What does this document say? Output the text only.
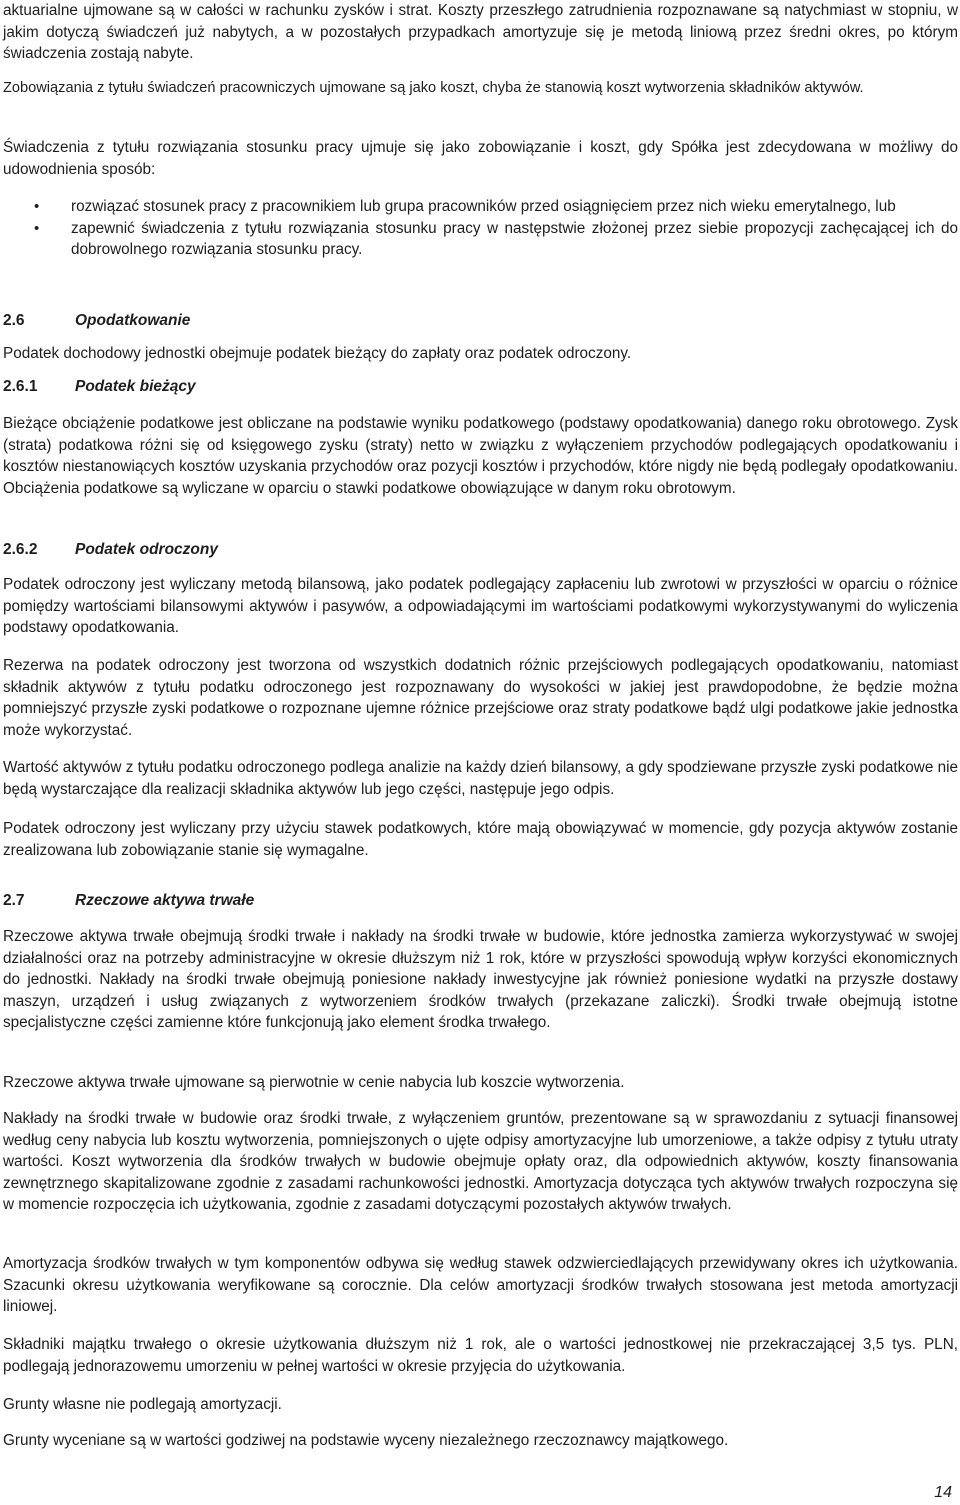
aktuarialne ujmowane są w całości w rachunku zysków i strat. Koszty przeszłego zatrudnienia rozpoznawane są natychmiast w stopniu, w jakim dotyczą świadczeń już nabytych, a w pozostałych przypadkach amortyzuje się je metodą liniową przez średni okres, po którym świadczenia zostają nabyte.

Zobowiązania z tytułu świadczeń pracowniczych ujmowane są jako koszt, chyba że stanowią koszt wytworzenia składników aktywów.

Świadczenia z tytułu rozwiązania stosunku pracy ujmuje się jako zobowiązanie i koszt, gdy Spółka jest zdecydowana w możliwy do udowodnienia sposób:

• rozwiązać stosunek pracy z pracownikiem lub grupa pracowników przed osiągnięciem przez nich wieku emerytalnego, lub
• zapewnić świadczenia z tytułu rozwiązania stosunku pracy w następstwie złożonej przez siebie propozycji zachęcającej ich do dobrowolnego rozwiązania stosunku pracy.
2.6	Opodatkowanie

Podatek dochodowy jednostki obejmuje podatek bieżący do zapłaty oraz podatek odroczony.

2.6.1 Podatek bieżący

Bieżące obciążenie podatkowe jest obliczane na podstawie wyniku podatkowego (podstawy opodatkowania) danego roku obrotowego. Zysk (strata) podatkowa różni się od księgowego zysku (straty) netto w związku z wyłączeniem przychodów podlegających opodatkowaniu i kosztów niestanowiących kosztów uzyskania przychodów oraz pozycji kosztów i przychodów, które nigdy nie będą podlegały opodatkowaniu. Obciążenia podatkowe są wyliczane w oparciu o stawki podatkowe obowiązujące w danym roku obrotowym.

2.6.2 Podatek odroczony

Podatek odroczony jest wyliczany metodą bilansową, jako podatek podlegający zapłaceniu lub zwrotowi w przyszłości w oparciu o różnice pomiędzy wartościami bilansowymi aktywów i pasywów, a odpowiadającymi im wartościami podatkowymi wykorzystywanymi do wyliczenia podstawy opodatkowania.

Rezerwa na podatek odroczony jest tworzona od wszystkich dodatnich różnic przejściowych podlegających opodatkowaniu, natomiast składnik aktywów z tytułu podatku odroczonego jest rozpoznawany do wysokości w jakiej jest prawdopodobne, że będzie można pomniejszyć przyszłe zyski podatkowe o rozpoznane ujemne różnice przejściowe oraz straty podatkowe bądź ulgi podatkowe jakie jednostka może wykorzystać.

Wartość aktywów z tytułu podatku odroczonego podlega analizie na każdy dzień bilansowy, a gdy spodziewane przyszłe zyski podatkowe nie będą wystarczające dla realizacji składnika aktywów lub jego części, następuje jego odpis.

Podatek odroczony jest wyliczany przy użyciu stawek podatkowych, które mają obowiązywać w momencie, gdy pozycja aktywów zostanie zrealizowana lub zobowiązanie stanie się wymagalne.

2.7	Rzeczowe aktywa trwałe

Rzeczowe aktywa trwałe obejmują środki trwałe i nakłady na środki trwałe w budowie, które jednostka zamierza wykorzystywać w swojej działalności oraz na potrzeby administracyjne w okresie dłuższym niż 1 rok, które w przyszłości spowodują wpływ korzyści ekonomicznych do jednostki. Nakłady na środki trwałe obejmują poniesione nakłady inwestycyjne jak również poniesione wydatki na przyszłe dostawy maszyn, urządzeń i usług związanych z wytworzeniem środków trwałych (przekazane zaliczki). Środki trwałe obejmują istotne specjalistyczne części zamienne które funkcjonują jako element środka trwałego.

Rzeczowe aktywa trwałe ujmowane są pierwotnie w cenie nabycia lub koszcie wytworzenia.

Nakłady na środki trwałe w budowie oraz środki trwałe, z wyłączeniem gruntów, prezentowane są w sprawozdaniu z sytuacji finansowej według ceny nabycia lub kosztu wytworzenia, pomniejszonych o ujęte odpisy amortyzacyjne lub umorzeniowe, a także odpisy z tytułu utraty wartości. Koszt wytworzenia dla środków trwałych w budowie obejmuje opłaty oraz, dla odpowiednich aktywów, koszty finansowania zewnętrznego skapitalizowane zgodnie z zasadami rachunkowości jednostki. Amortyzacja dotycząca tych aktywów trwałych rozpoczyna się w momencie rozpoczęcia ich użytkowania, zgodnie z zasadami dotyczącymi pozostałych aktywów trwałych.

Amortyzacja środków trwałych w tym komponentów odbywa się według stawek odzwierciedlających przewidywany okres ich użytkowania. Szacunki okresu użytkowania weryfikowane są corocznie. Dla celów amortyzacji środków trwałych stosowana jest metoda amortyzacji liniowej.

Składniki majątku trwałego o okresie użytkowania dłuższym niż 1 rok, ale o wartości jednostkowej nie przekraczającej 3,5 tys. PLN, podlegają jednorazowemu umorzeniu w pełnej wartości w okresie przyjęcia do użytkowania.

Grunty własne nie podlegają amortyzacji.

Grunty wyceniane są w wartości godziwej na podstawie wyceny niezależnego rzeczoznawcy majątkowego.

14
